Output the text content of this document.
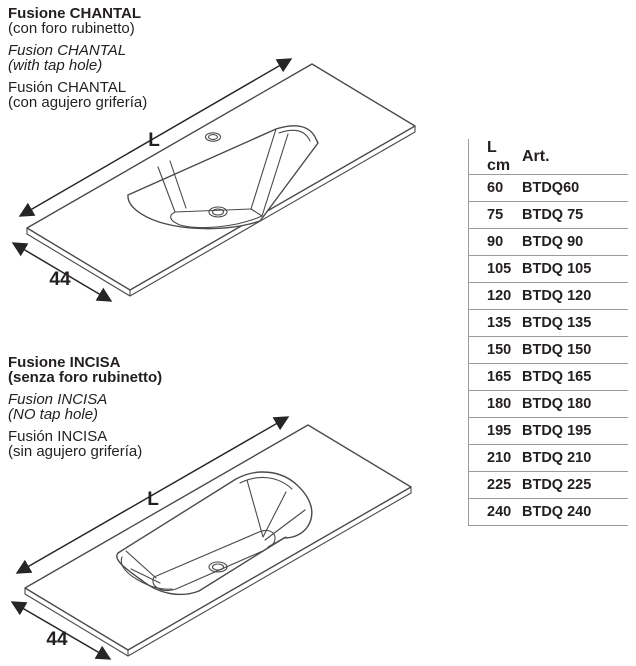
L
44
L
44
Fusione CHANTAL
(con foro rubinetto)
Fusion CHANTAL
(with tap hole)
Fusión CHANTAL
(con agujero grifería)
Fusione INCISA
(senza foro rubinetto)
Fusion INCISA
(NO tap hole)
Fusión INCISA
(sin agujero grifería)
L cm
Art.
60	BTDQ60
75	BTDQ 75
90	BTDQ 90
105 BTDQ 105
120 BTDQ 120
135 BTDQ 135
150 BTDQ 150
165 BTDQ 165
180 BTDQ 180
195 BTDQ 195
210 BTDQ 210
225 BTDQ 225
240 BTDQ 240
